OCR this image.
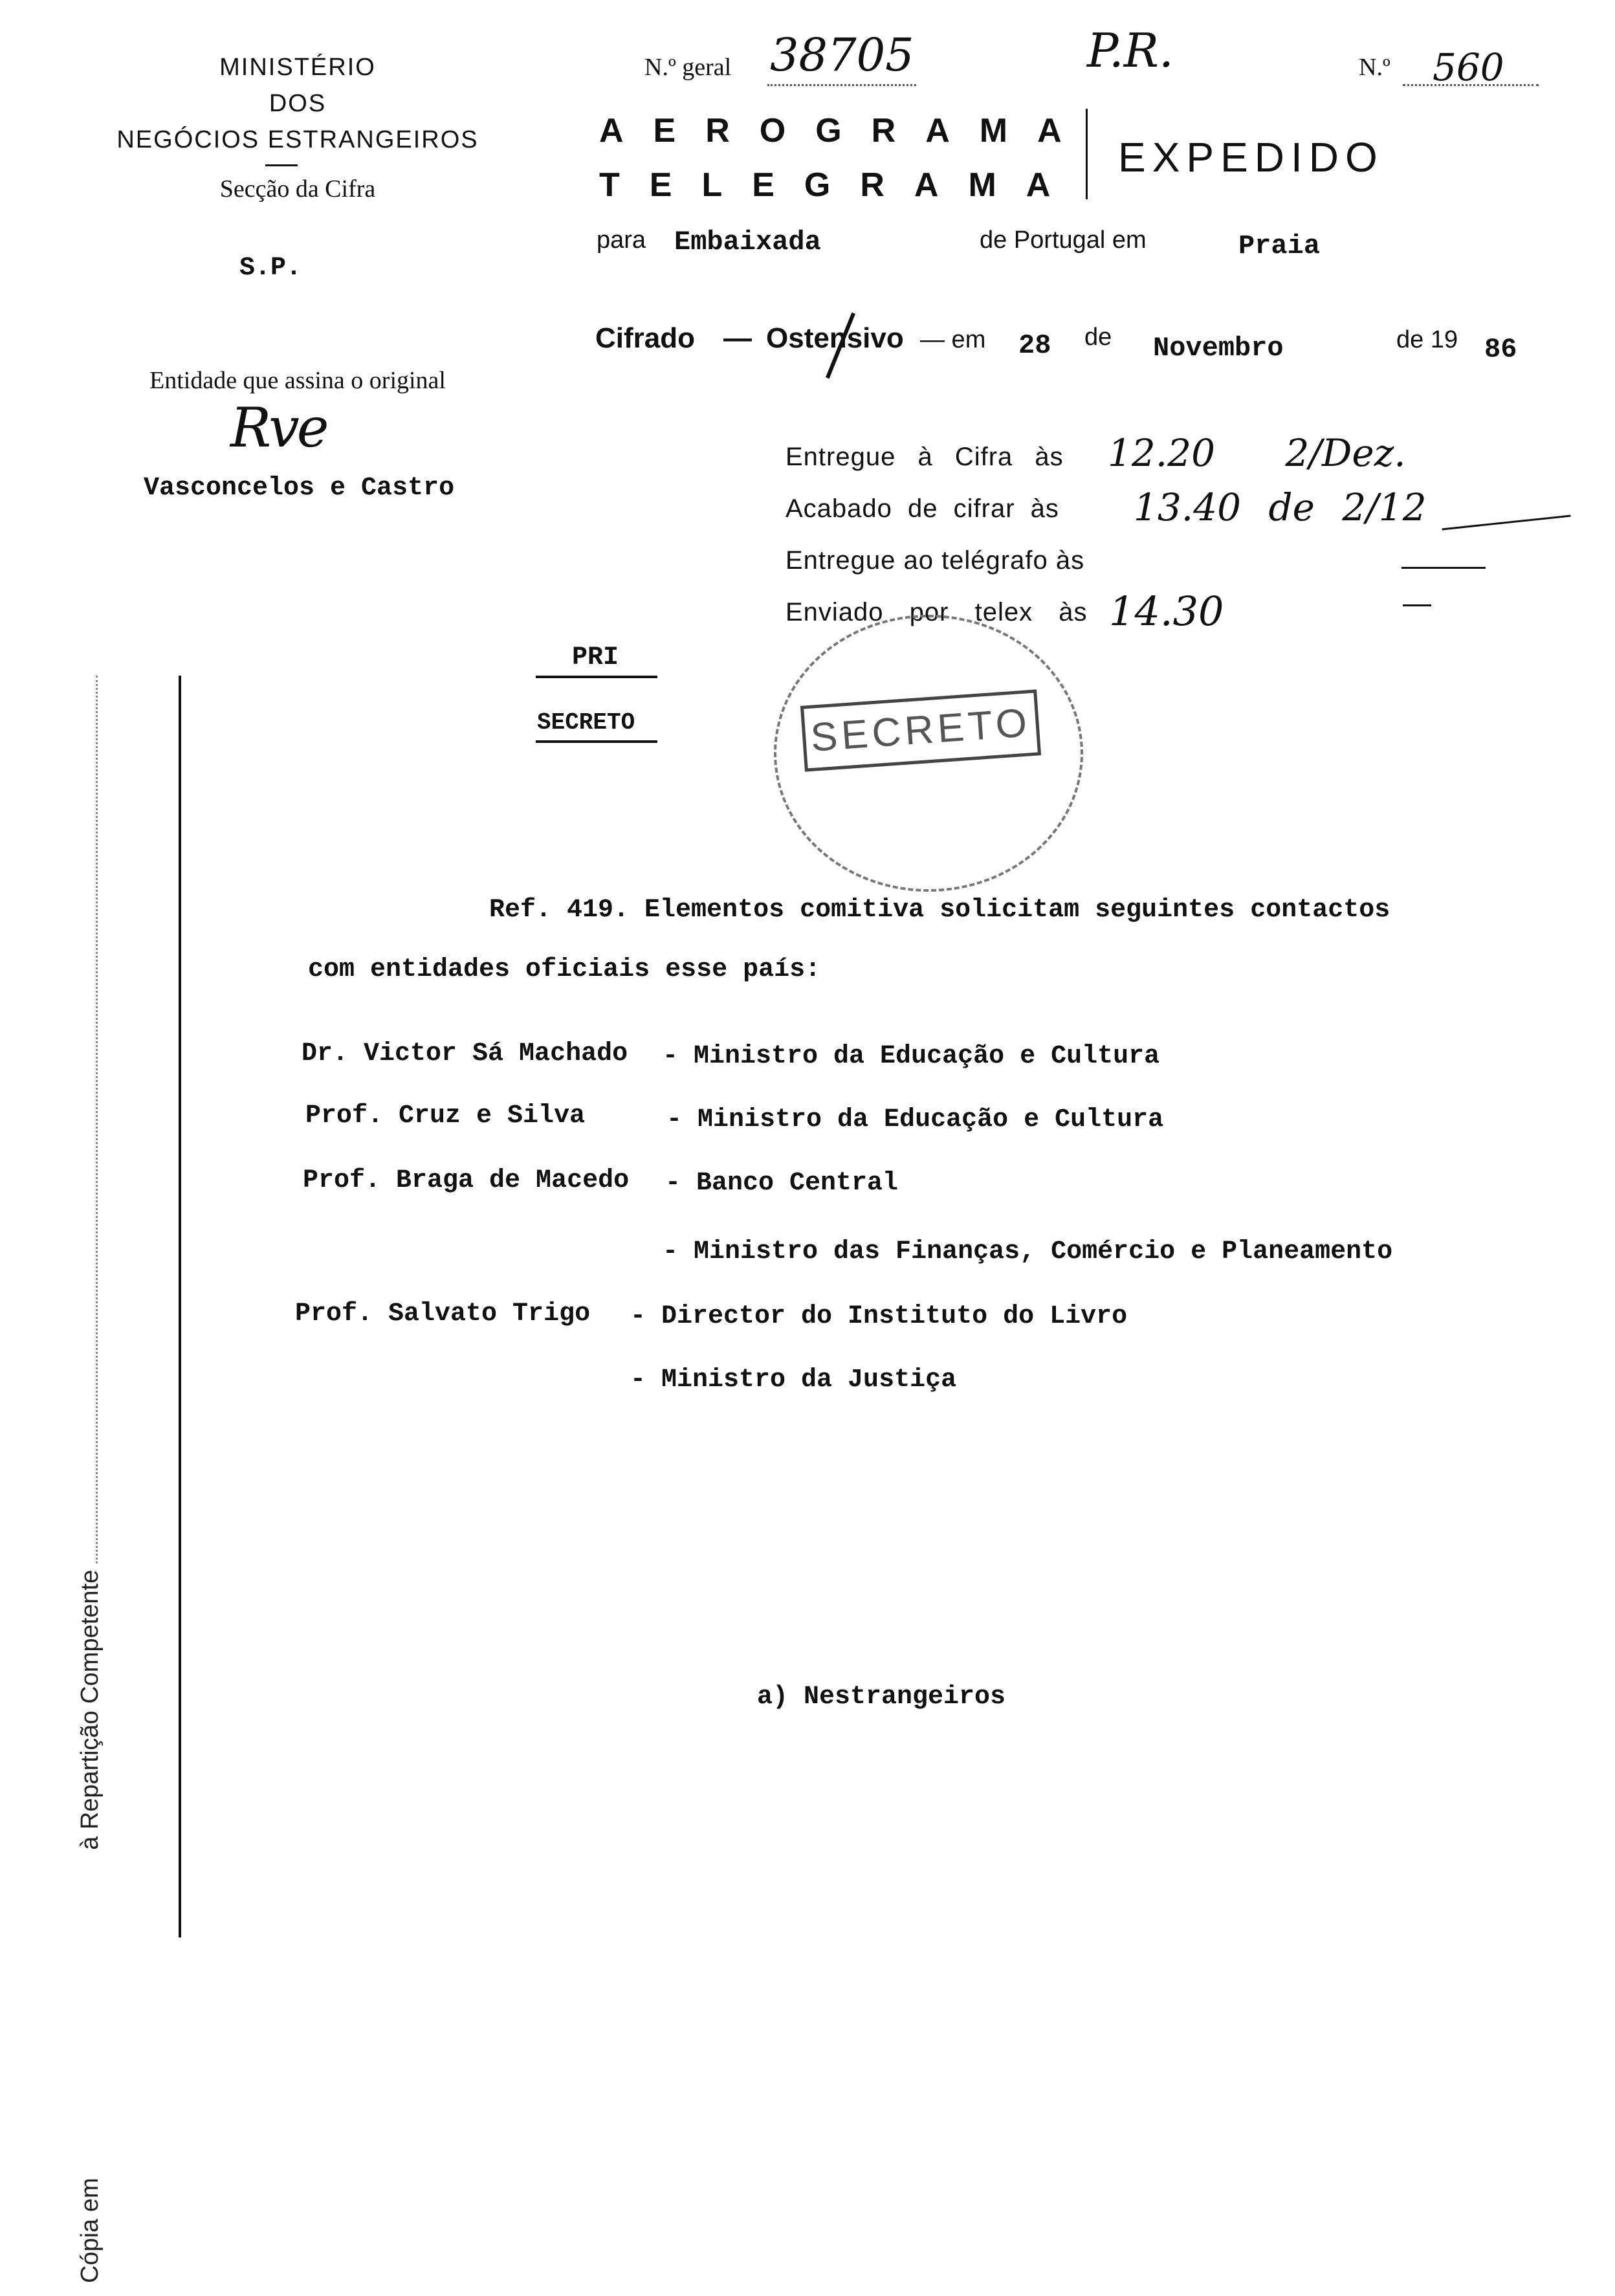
MINISTÉRIO
DOS
NEGÓCIOS ESTRANGEIROS
Secção da Cifra
S.P.
Entidade que assina o original
Rve
Vasconcelos e Castro
N.º geral 38705	P.R.	N.º 560
AEROGRAMA
TELEGRAMA
EXPEDIDO
para Embaixada	de Portugal em	Praia
Cifrado — Ostensivo — em 28 de Novembro	de 19 86
Entregue à Cifra às 12.20 2/Dez.
Acabado de cifrar às 13.40 de 2/12
Entregue ao telégrafo às
Enviado por telex às 14.30
PRI
SECRETO	SECRETO
Cópia em à Repartição Competente
Ref. 419. Elementos comitiva solicitam seguintes contactos
com entidades oficiais esse país:
Dr. Victor Sá Machado - Ministro da Educação e Cultura
Prof. Cruz e Silva	- Ministro da Educação e Cultura
Prof. Braga de Macedo - Banco Central
- Ministro das Finanças, Comércio e Planeamento
Prof. Salvato Trigo - Director do Instituto do Livro
- Ministro da Justiça
a) Nestrangeiros
